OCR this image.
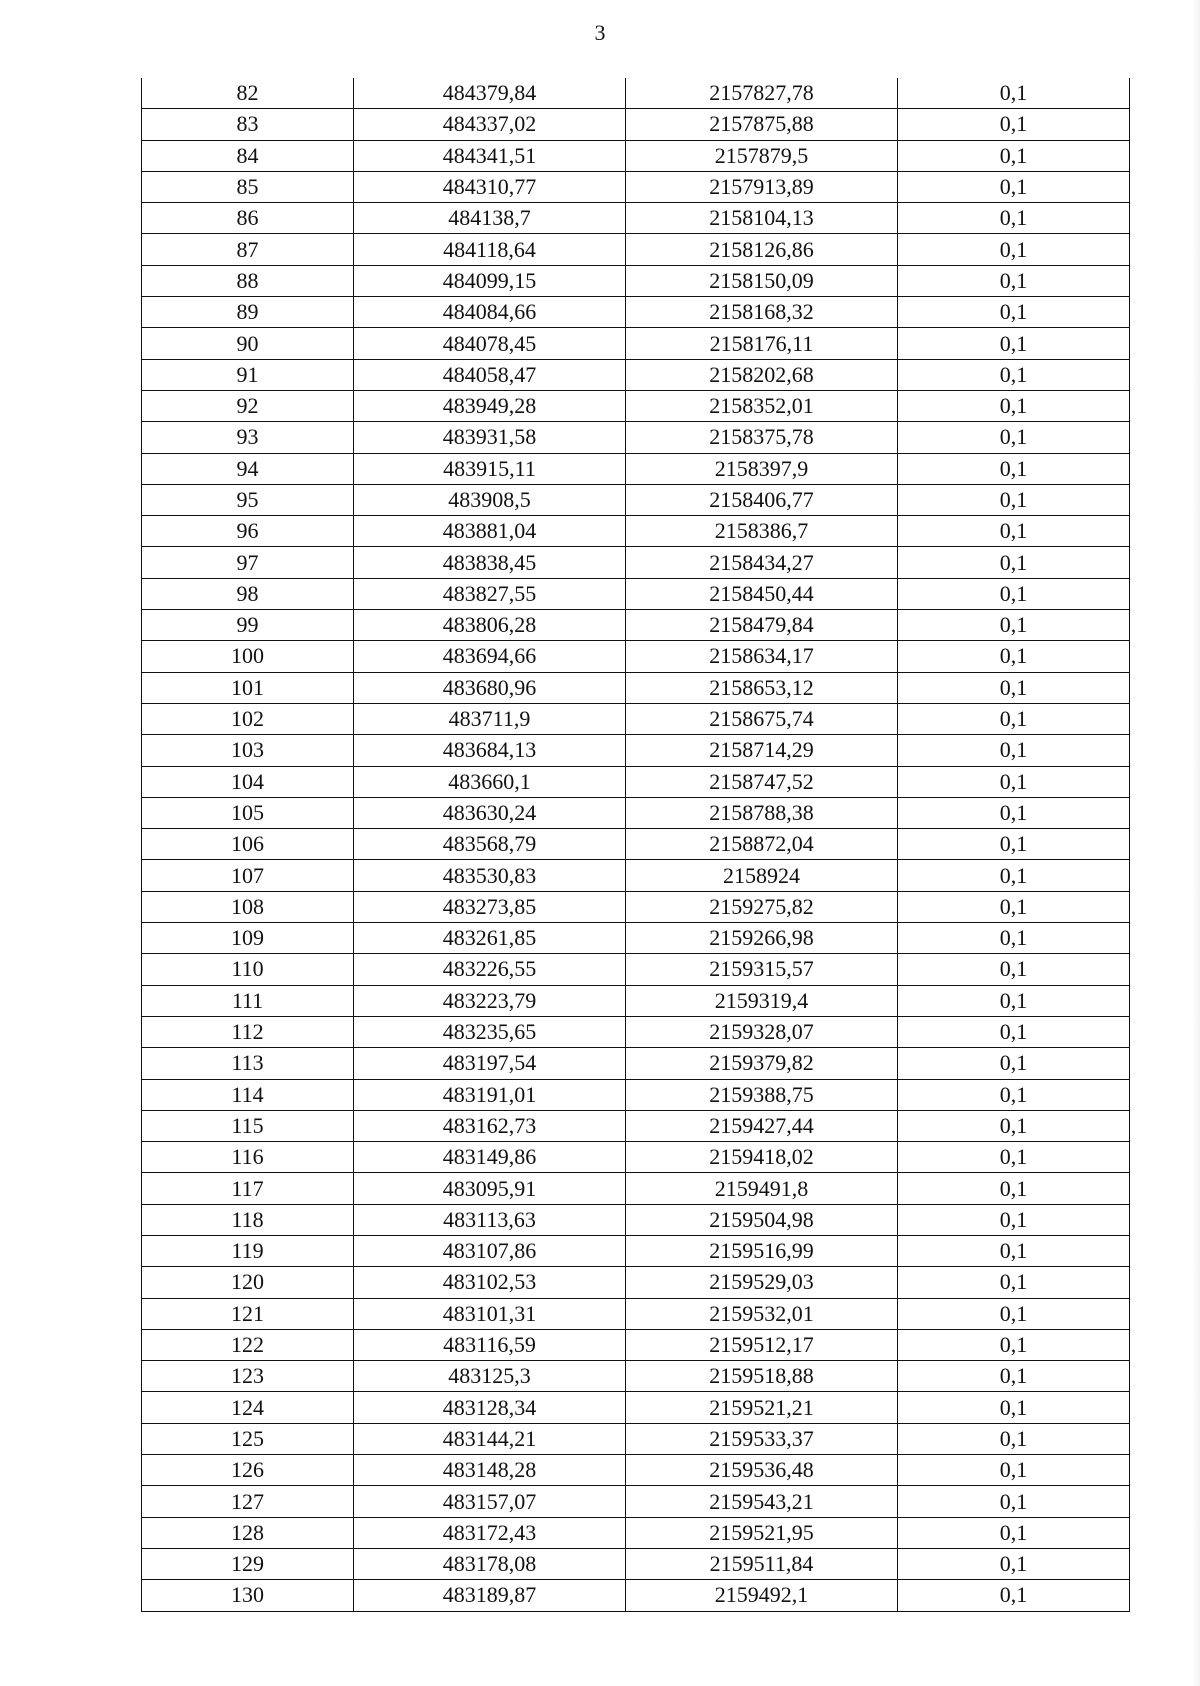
3
82	484379,84	2157827,78	0,1
83	484337,02	2157875,88	0,1
84	484341,51	2157879,5	0,1
85	484310,77	2157913,89	0,1
86	484138,7	2158104,13	0,1
87	484118,64	2158126,86	0,1
88	484099,15	2158150,09	0,1
89	484084,66	2158168,32	0,1
90	484078,45	2158176,11	0,1
91	484058,47	2158202,68	0,1
92	483949,28	2158352,01	0,1
93	483931,58	2158375,78	0,1
94	483915,11	2158397,9	0,1
95	483908,5	2158406,77	0,1
96	483881,04	2158386,7	0,1
97	483838,45	2158434,27	0,1
98	483827,55	2158450,44	0,1
99	483806,28	2158479,84	0,1
100	483694,66	2158634,17	0,1
101	483680,96	2158653,12	0,1
102	483711,9	2158675,74	0,1
103	483684,13	2158714,29	0,1
104	483660,1	2158747,52	0,1
105	483630,24	2158788,38	0,1
106	483568,79	2158872,04	0,1
107	483530,83	2158924	0,1
108	483273,85	2159275,82	0,1
109	483261,85	2159266,98	0,1
110	483226,55	2159315,57	0,1
111	483223,79	2159319,4	0,1
112	483235,65	2159328,07	0,1
113	483197,54	2159379,82	0,1
114	483191,01	2159388,75	0,1
115	483162,73	2159427,44	0,1
116	483149,86	2159418,02	0,1
117	483095,91	2159491,8	0,1
118	483113,63	2159504,98	0,1
119	483107,86	2159516,99	0,1
120	483102,53	2159529,03	0,1
121	483101,31	2159532,01	0,1
122	483116,59	2159512,17	0,1
123	483125,3	2159518,88	0,1
124	483128,34	2159521,21	0,1
125	483144,21	2159533,37	0,1
126	483148,28	2159536,48	0,1
127	483157,07	2159543,21	0,1
128	483172,43	2159521,95	0,1
129	483178,08	2159511,84	0,1
130	483189,87	2159492,1	0,1
